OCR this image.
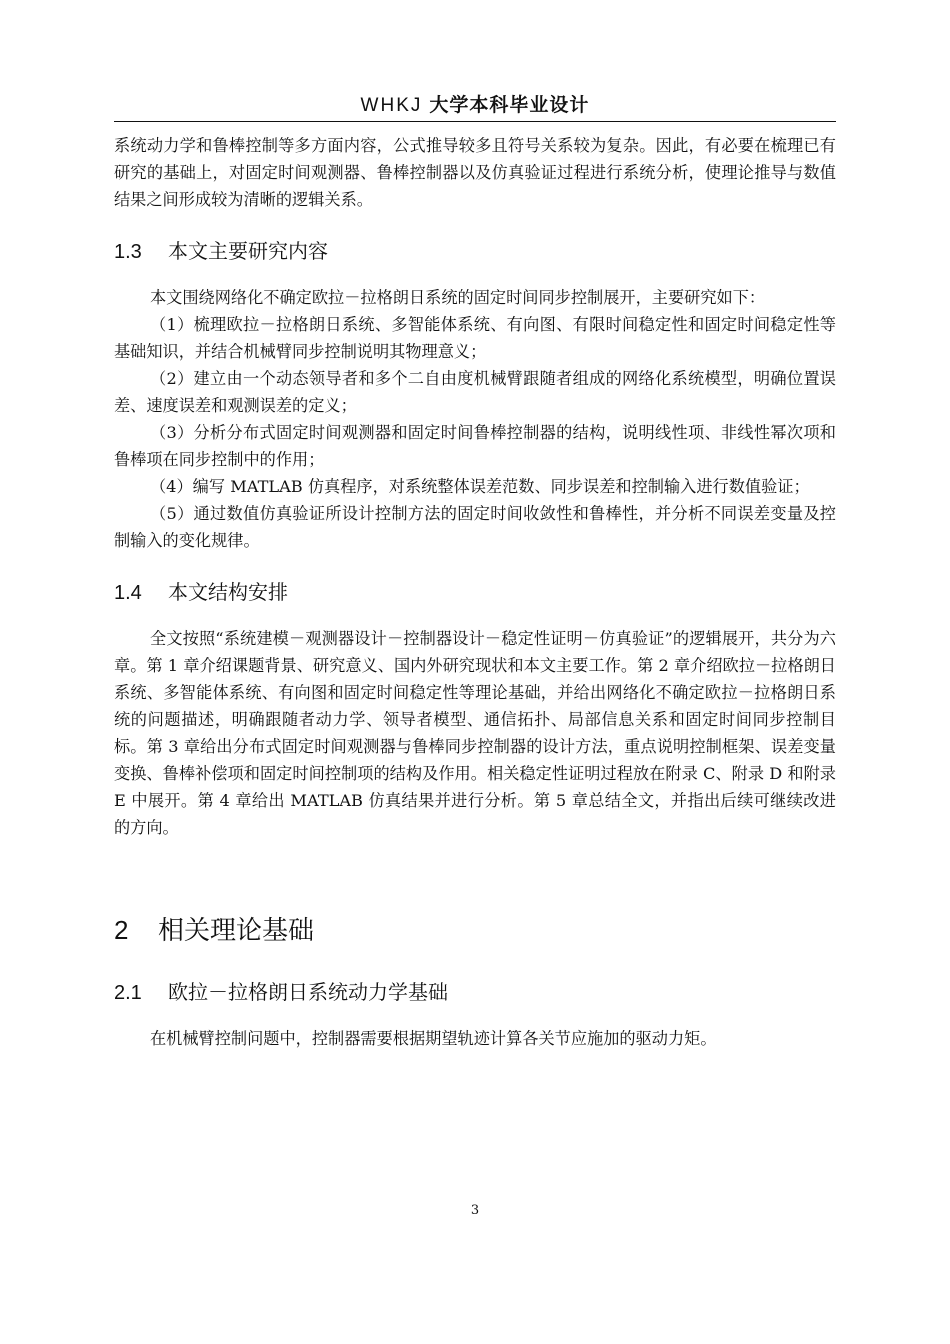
WHKJ 大学本科毕业设计

系统动力学和鲁棒控制等多方面内容，公式推导较多且符号关系较为复杂。因此，有必要在梳理已有研究的基础上，对固定时间观测器、鲁棒控制器以及仿真验证过程进行系统分析，使理论推导与数值结果之间形成较为清晰的逻辑关系。

1.3 本文主要研究内容

本文围绕网络化不确定欧拉－拉格朗日系统的固定时间同步控制展开，主要研究如下：

（1）梳理欧拉－拉格朗日系统、多智能体系统、有向图、有限时间稳定性和固定时间稳定性等基础知识，并结合机械臂同步控制说明其物理意义；

（2）建立由一个动态领导者和多个二自由度机械臂跟随者组成的网络化系统模型，明确位置误差、速度误差和观测误差的定义；

（3）分析分布式固定时间观测器和固定时间鲁棒控制器的结构，说明线性项、非线性幂次项和鲁棒项在同步控制中的作用；

（4）编写 MATLAB 仿真程序，对系统整体误差范数、同步误差和控制输入进行数值验证；

（5）通过数值仿真验证所设计控制方法的固定时间收敛性和鲁棒性，并分析不同误差变量及控制输入的变化规律。

1.4 本文结构安排

全文按照“系统建模－观测器设计－控制器设计－稳定性证明－仿真验证”的逻辑展开，共分为六章。第 1 章介绍课题背景、研究意义、国内外研究现状和本文主要工作。第 2 章介绍欧拉－拉格朗日系统、多智能体系统、有向图和固定时间稳定性等理论基础，并给出网络化不确定欧拉－拉格朗日系统的问题描述，明确跟随者动力学、领导者模型、通信拓扑、局部信息关系和固定时间同步控制目标。第 3 章给出分布式固定时间观测器与鲁棒同步控制器的设计方法，重点说明控制框架、误差变量变换、鲁棒补偿项和固定时间控制项的结构及作用。相关稳定性证明过程放在附录 C、附录 D 和附录 E 中展开。第 4 章给出 MATLAB 仿真结果并进行分析。第 5 章总结全文，并指出后续可继续改进的方向。

2 相关理论基础
2.1 欧拉－拉格朗日系统动力学基础

在机械臂控制问题中，控制器需要根据期望轨迹计算各关节应施加的驱动力矩。

3
